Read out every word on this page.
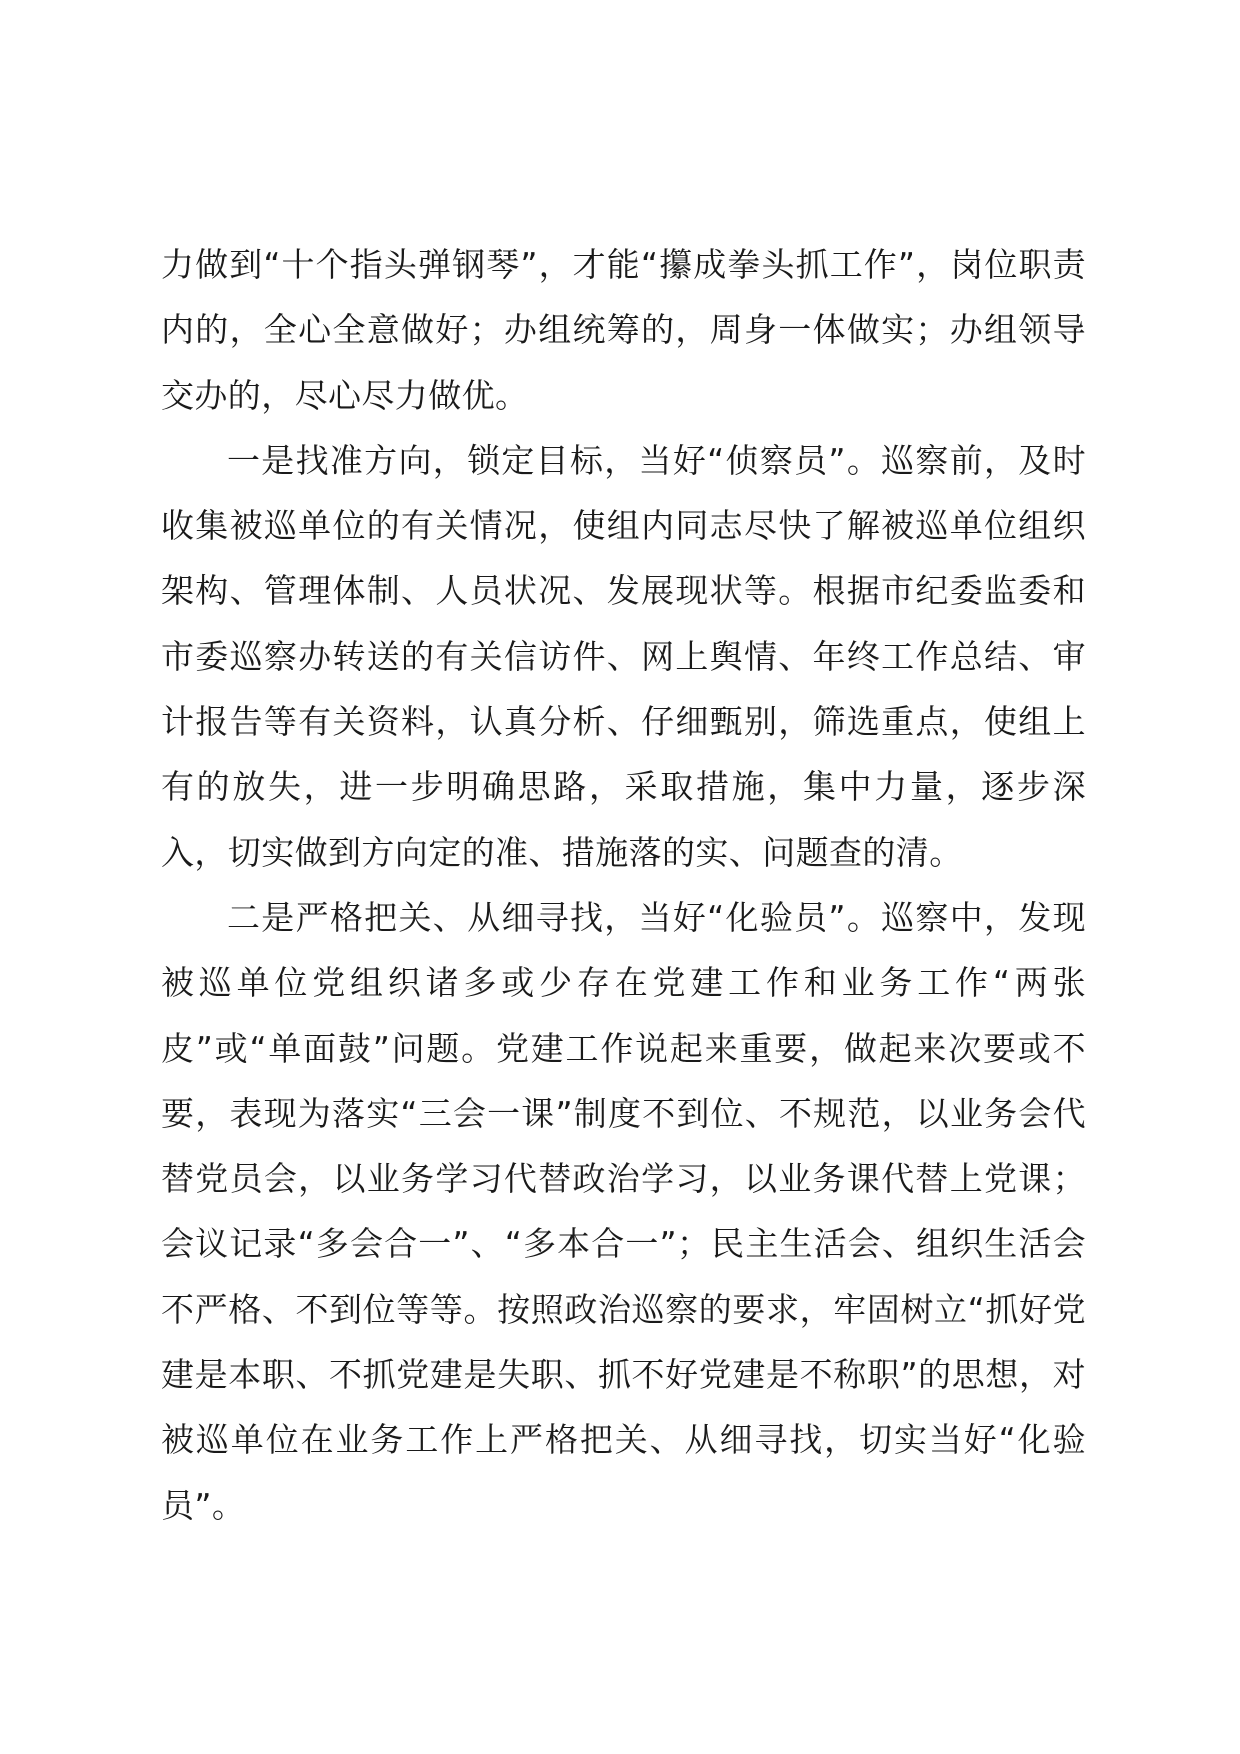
力做到“十个指头弹钢琴”，才能“攥成拳头抓工作”，岗位职责内的，全心全意做好；办组统筹的，周身一体做实；办组领导交办的，尽心尽力做优。

一是找准方向，锁定目标，当好“侦察员”。巡察前，及时收集被巡单位的有关情况，使组内同志尽快了解被巡单位组织架构、管理体制、人员状况、发展现状等。根据市纪委监委和市委巡察办转送的有关信访件、网上舆情、年终工作总结、审计报告等有关资料，认真分析、仔细甄别，筛选重点，使组上有的放失，进一步明确思路，采取措施，集中力量，逐步深入，切实做到方向定的准、措施落的实、问题查的清。

二是严格把关、从细寻找，当好“化验员”。巡察中，发现被巡单位党组织诸多或少存在党建工作和业务工作“两张皮”或“单面鼓”问题。党建工作说起来重要，做起来次要或不要，表现为落实“三会一课”制度不到位、不规范，以业务会代替党员会，以业务学习代替政治学习，以业务课代替上党课；会议记录“多会合一”、“多本合一”；民主生活会、组织生活会不严格、不到位等等。按照政治巡察的要求，牢固树立“抓好党建是本职、不抓党建是失职、抓不好党建是不称职”的思想，对被巡单位在业务工作上严格把关、从细寻找，切实当好“化验员”。
